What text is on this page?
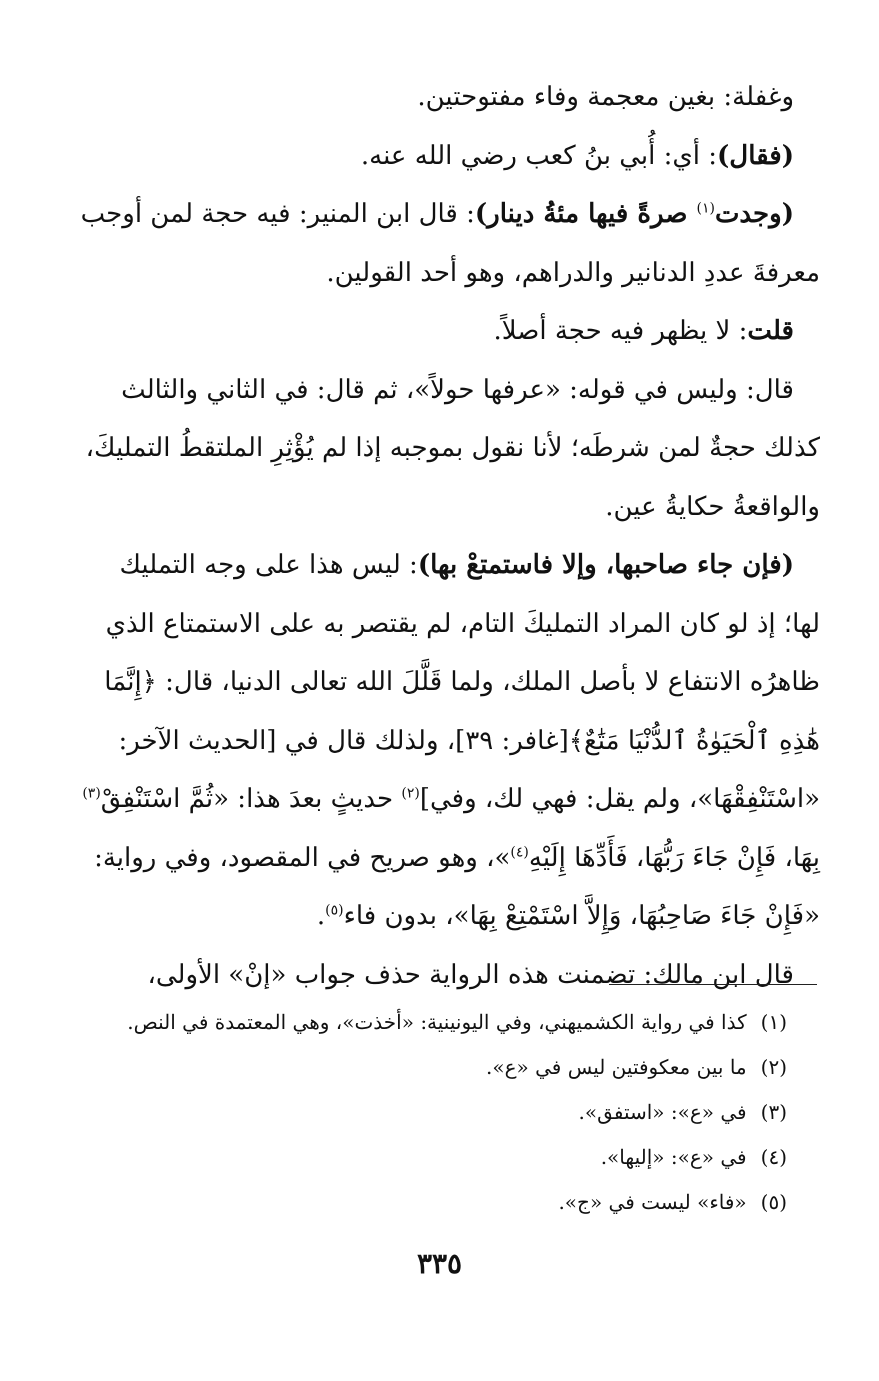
وغفلة: بغين معجمة وفاء مفتوحتين.

(فقال): أي: أُبي بنُ كعب رضي الله عنه.

(وجدت$^{(١)}$ صرةً فيها مئةُ دينار): قال ابن المنير: فيه حجة لمن أوجب

معرفةَ عددِ الدنانير والدراهم، وهو أحد القولين.

قلت: لا يظهر فيه حجة أصلاً.

قال: وليس في قوله: «عرفها حولاً»، ثم قال: في الثاني والثالث

كذلك حجةٌ لمن شرطَه؛ لأنا نقول بموجبه إذا لم يُؤْثِرِ الملتقطُ التمليكَ،

والواقعةُ حكايةُ عين.

(فإن جاء صاحبها، وإلا فاستمتعْ بها): ليس هذا على وجه التمليك

لها؛ إذ لو كان المراد التمليكَ التام، لم يقتصر به على الاستمتاع الذي

ظاهرُه الانتفاع لا بأصل الملك، ولما قَلَّلَ الله تعالى الدنيا، قال: ﴿إِنَّمَا

هَٰذِهِ ٱلْحَيَوٰةُ ٱلدُّنْيَا مَتَٰعٌ﴾[غافر: ٣٩]، ولذلك قال في [الحديث الآخر:

«اسْتَنْفِقْهَا»، ولم يقل: فهي لك، وفي]$^{(٢)}$ حديثٍ بعدَ هذا: «ثُمَّ اسْتَنْفِقْ$^{(٣)}$

بِهَا، فَإِنْ جَاءَ رَبُّهَا، فَأَدِّهَا إِلَيْهِ$^{(٤)}$»، وهو صريح في المقصود، وفي رواية:

«فَإِنْ جَاءَ صَاحِبُهَا، وَإِلاَّ اسْتَمْتِعْ بِهَا»، بدون فاء$^{(٥)}$.

قال ابن مالك: تضمنت هذه الرواية حذف جواب «إنْ» الأولى،

(١)كذا في رواية الكشميهني، وفي اليونينية: «أخذت»، وهي المعتمدة في النص.
(٢)ما بين معكوفتين ليس في «ع».
(٣)في «ع»: «استفق».
(٤)في «ع»: «إليها».
(٥)«فاء» ليست في «ج».
٣٣٥
